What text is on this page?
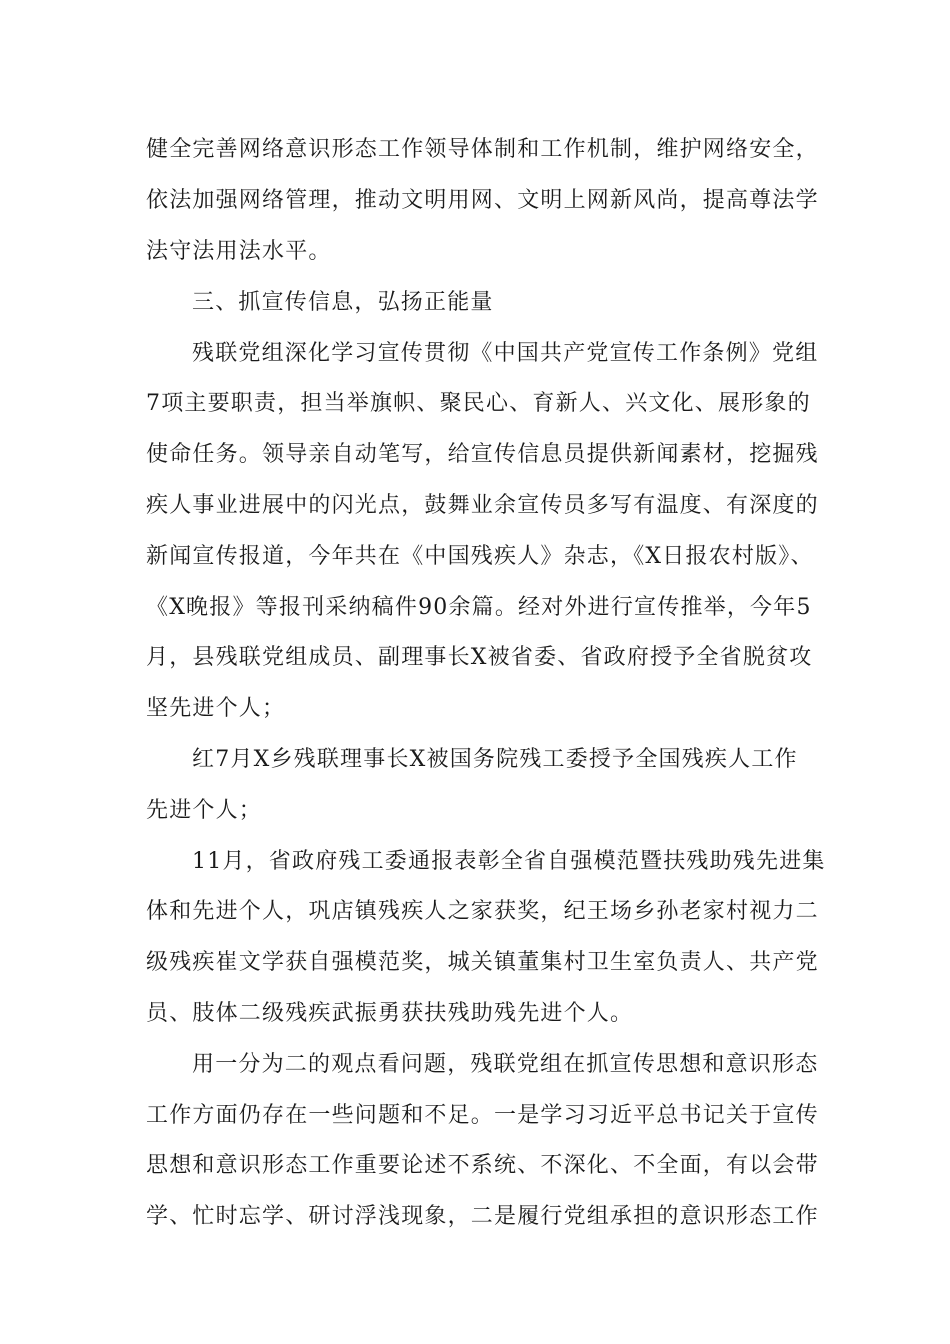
健全完善网络意识形态工作领导体制和工作机制，维护网络安全，
依法加强网络管理，推动文明用网、文明上网新风尚，提高尊法学
法守法用法水平。
三、抓宣传信息，弘扬正能量
残联党组深化学习宣传贯彻《中国共产党宣传工作条例》党组
7项主要职责，担当举旗帜、聚民心、育新人、兴文化、展形象的
使命任务。领导亲自动笔写，给宣传信息员提供新闻素材，挖掘残
疾人事业进展中的闪光点，鼓舞业余宣传员多写有温度、有深度的
新闻宣传报道，今年共在《中国残疾人》杂志，《X日报农村版》、
《X晚报》等报刊采纳稿件90余篇。经对外进行宣传推举，今年5
月，县残联党组成员、副理事长X被省委、省政府授予全省脱贫攻
坚先进个人；
红7月X乡残联理事长X被国务院残工委授予全国残疾人工作
先进个人；
11月，省政府残工委通报表彰全省自强模范暨扶残助残先进集
体和先进个人，巩店镇残疾人之家获奖，纪王场乡孙老家村视力二
级残疾崔文学获自强模范奖，城关镇董集村卫生室负责人、共产党
员、肢体二级残疾武振勇获扶残助残先进个人。
用一分为二的观点看问题，残联党组在抓宣传思想和意识形态
工作方面仍存在一些问题和不足。一是学习习近平总书记关于宣传
思想和意识形态工作重要论述不系统、不深化、不全面，有以会带
学、忙时忘学、研讨浮浅现象，二是履行党组承担的意识形态工作
